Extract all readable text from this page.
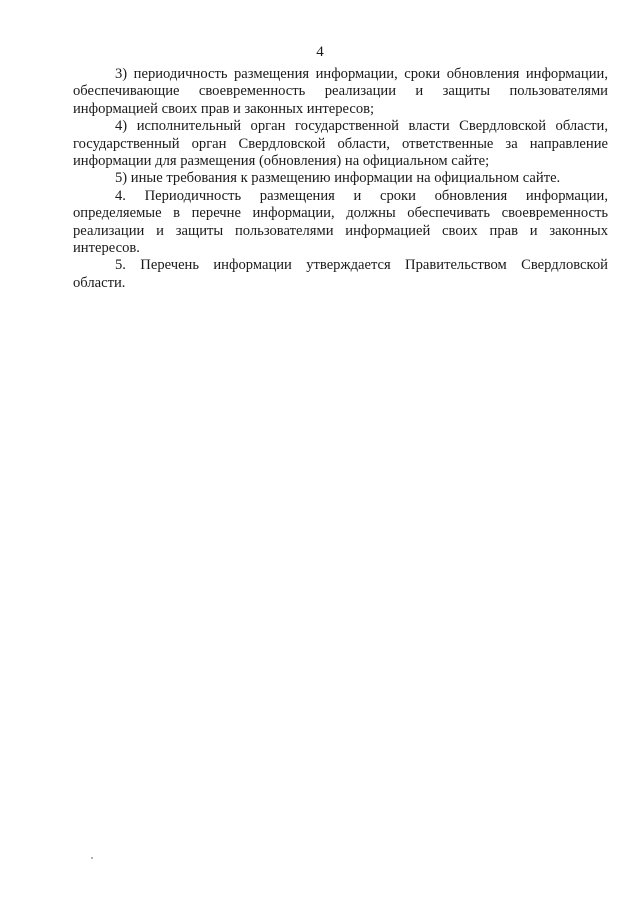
4

3) периодичность размещения информации, сроки обновления информации, обеспечивающие своевременность реализации и защиты пользователями информацией своих прав и законных интересов;

4) исполнительный орган государственной власти Свердловской области, государственный орган Свердловской области, ответственные за направление информации для размещения (обновления) на официальном сайте;

5) иные требования к размещению информации на официальном сайте.

4. Периодичность размещения и сроки обновления информации, определяемые в перечне информации, должны обеспечивать своевременность реализации и защиты пользователями информацией своих прав и законных интересов.

5. Перечень информации утверждается Правительством Свердловской области.
